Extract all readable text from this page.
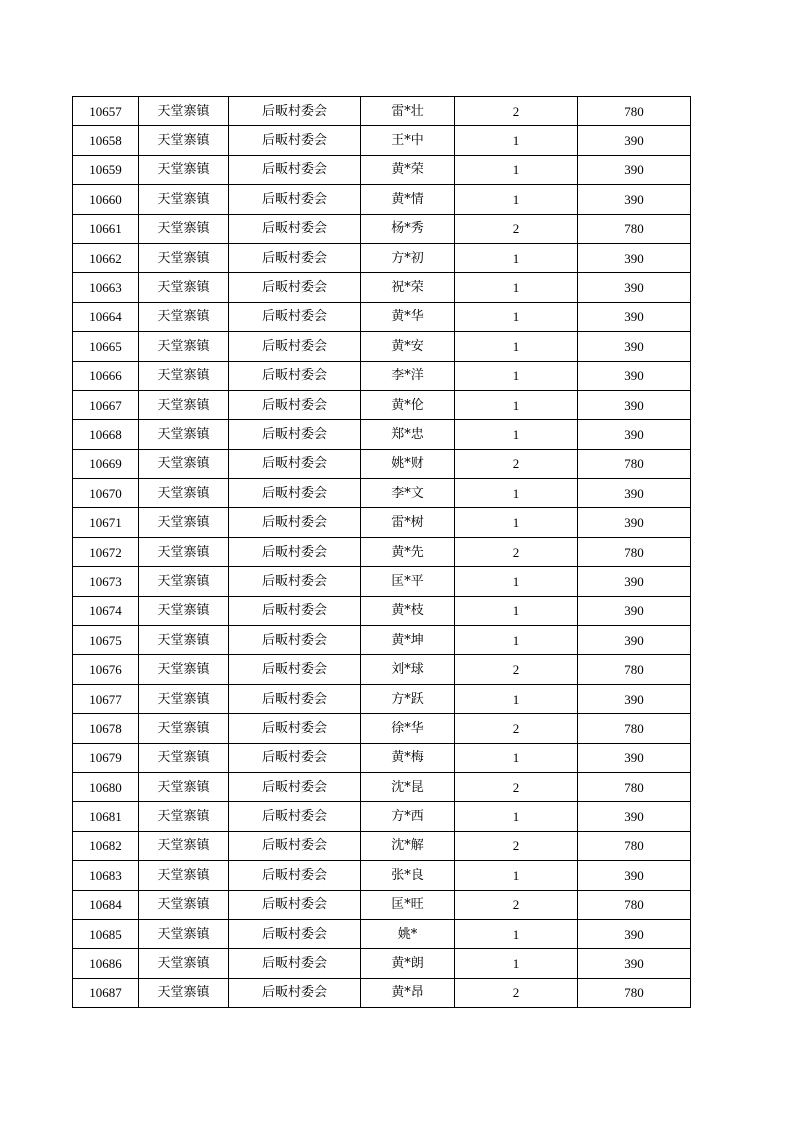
10657	天堂寨镇	后畈村委会	雷*壮	2	780
10658	天堂寨镇	后畈村委会	王*中	1	390
10659	天堂寨镇	后畈村委会	黄*荣	1	390
10660	天堂寨镇	后畈村委会	黄*情	1	390
10661	天堂寨镇	后畈村委会	杨*秀	2	780
10662	天堂寨镇	后畈村委会	方*初	1	390
10663	天堂寨镇	后畈村委会	祝*荣	1	390
10664	天堂寨镇	后畈村委会	黄*华	1	390
10665	天堂寨镇	后畈村委会	黄*安	1	390
10666	天堂寨镇	后畈村委会	李*洋	1	390
10667	天堂寨镇	后畈村委会	黄*伦	1	390
10668	天堂寨镇	后畈村委会	郑*忠	1	390
10669	天堂寨镇	后畈村委会	姚*财	2	780
10670	天堂寨镇	后畈村委会	李*文	1	390
10671	天堂寨镇	后畈村委会	雷*树	1	390
10672	天堂寨镇	后畈村委会	黄*先	2	780
10673	天堂寨镇	后畈村委会	匡*平	1	390
10674	天堂寨镇	后畈村委会	黄*枝	1	390
10675	天堂寨镇	后畈村委会	黄*坤	1	390
10676	天堂寨镇	后畈村委会	刘*球	2	780
10677	天堂寨镇	后畈村委会	方*跃	1	390
10678	天堂寨镇	后畈村委会	徐*华	2	780
10679	天堂寨镇	后畈村委会	黄*梅	1	390
10680	天堂寨镇	后畈村委会	沈*昆	2	780
10681	天堂寨镇	后畈村委会	方*西	1	390
10682	天堂寨镇	后畈村委会	沈*解	2	780
10683	天堂寨镇	后畈村委会	张*良	1	390
10684	天堂寨镇	后畈村委会	匡*旺	2	780
10685	天堂寨镇	后畈村委会	姚*	1	390
10686	天堂寨镇	后畈村委会	黄*朗	1	390
10687	天堂寨镇	后畈村委会	黄*昂	2	780
